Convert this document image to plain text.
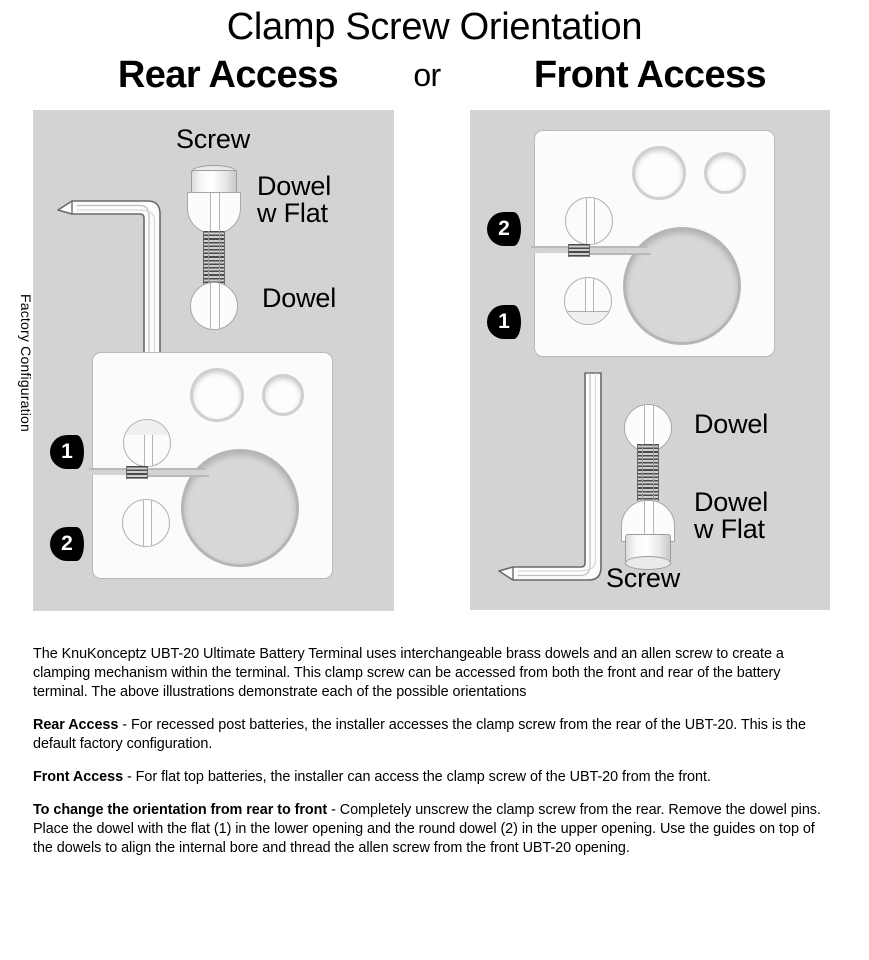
Clamp Screw Orientation
Rear Access	or	Front Access
Factory Configuration
Screw
Dowel
w Flat
Dowel
1
2
2
1
Dowel
Dowel
w Flat
Screw

The KnuKonceptz UBT-20 Ultimate Battery Terminal uses interchangeable brass dowels and an allen screw to create a clamping mechanism within the terminal. This clamp screw can be accessed from both the front and rear of the battery terminal. The above illustrations demonstrate each of the possible orientations

Rear Access - For recessed post batteries, the installer accesses the clamp screw from the rear of the UBT-20. This is the default factory configuration.

Front Access - For flat top batteries, the installer can access the clamp screw of the UBT-20 from the front.

To change the orientation from rear to front - Completely unscrew the clamp screw from the rear. Remove the dowel pins. Place the dowel with the flat (1) in the lower opening and the round dowel (2) in the upper opening. Use the guides on top of the dowels to align the internal bore and thread the allen screw from the front UBT-20 opening.
